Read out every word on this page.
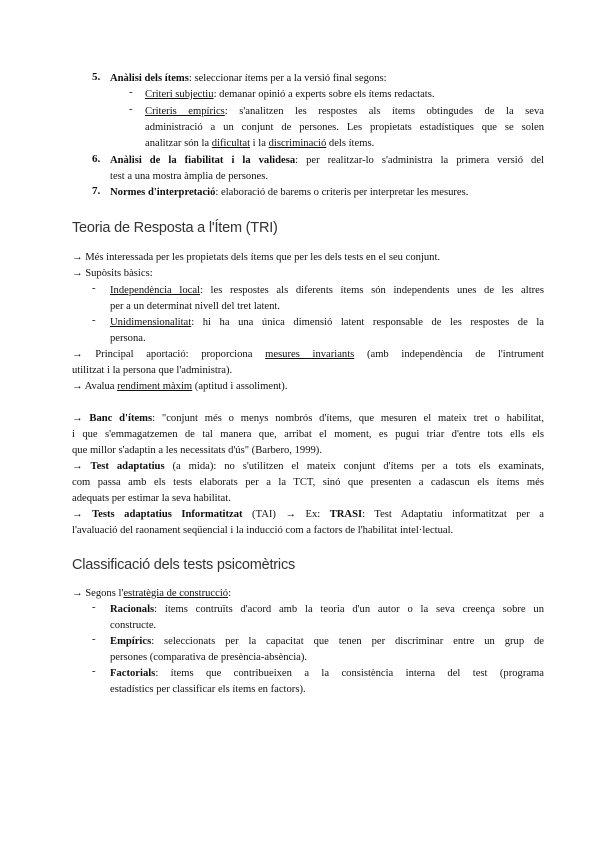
5. Anàlisi dels ítems: seleccionar ítems per a la versió final segons:
- Criteri subjectiu: demanar opinió a experts sobre els ítems redactats.
- Criteris empírics: s'analitzen les respostes als ítems obtingudes de la seva
administració a un conjunt de persones. Les propietats estadístiques que se solen
analitzar són la dificultat i la discriminació dels ítems.
6. Anàlisi de la fiabilitat i la validesa: per realitzar-lo s'administra la primera versió del
test a una mostra àmplia de persones.
7. Normes d'interpretació: elaboració de barems o criteris per interpretar les mesures.
Teoria de Resposta a l'Ítem (TRI)
→ Més interessada per les propietats dels ítems que per les dels tests en el seu conjunt.
→ Supòsits bàsics:
- Independència local: les respostes als diferents ítems són independents unes de les altres
per a un determinat nivell del tret latent.
- Unidimensionalitat: hi ha una única dimensió latent responsable de les respostes de la
persona.
→ Principal aportació: proporciona mesures invariants (amb independència de l'intrument
utilitzat i la persona que l'administra).
→ Avalua rendiment màxim (aptitud i assoliment).
→ Banc d'ítems: "conjunt més o menys nombrós d'ítems, que mesuren el mateix tret o habilitat,
i que s'emmagatzemen de tal manera que, arribat el moment, es pugui triar d'entre tots ells els
que millor s'adaptin a les necessitats d'ús" (Barbero, 1999).
→ Test adaptatius (a mida): no s'utilitzen el mateix conjunt d'ítems per a tots els examinats,
com passa amb els tests elaborats per a la TCT, sinó que presenten a cadascun els ítems més
adequats per estimar la seva habilitat.
→ Tests adaptatius Informatitzat (TAI) → Ex: TRASI: Test Adaptatiu informatitzat per a
l'avaluació del raonament seqüencial i la inducció com a factors de l'habilitat intel·lectual.
Classificació dels tests psicomètrics
→ Segons l'estratègia de construcció:
- Racionals: ítems contruïts d'acord amb la teoria d'un autor o la seva creença sobre un
constructe.
- Empírics: seleccionats per la capacitat que tenen per discriminar entre un grup de
persones (comparativa de presència-absència).
- Factorials: ítems que contribueixen a la consistència interna del test (programa
estadístics per classificar els ítems en factors).
